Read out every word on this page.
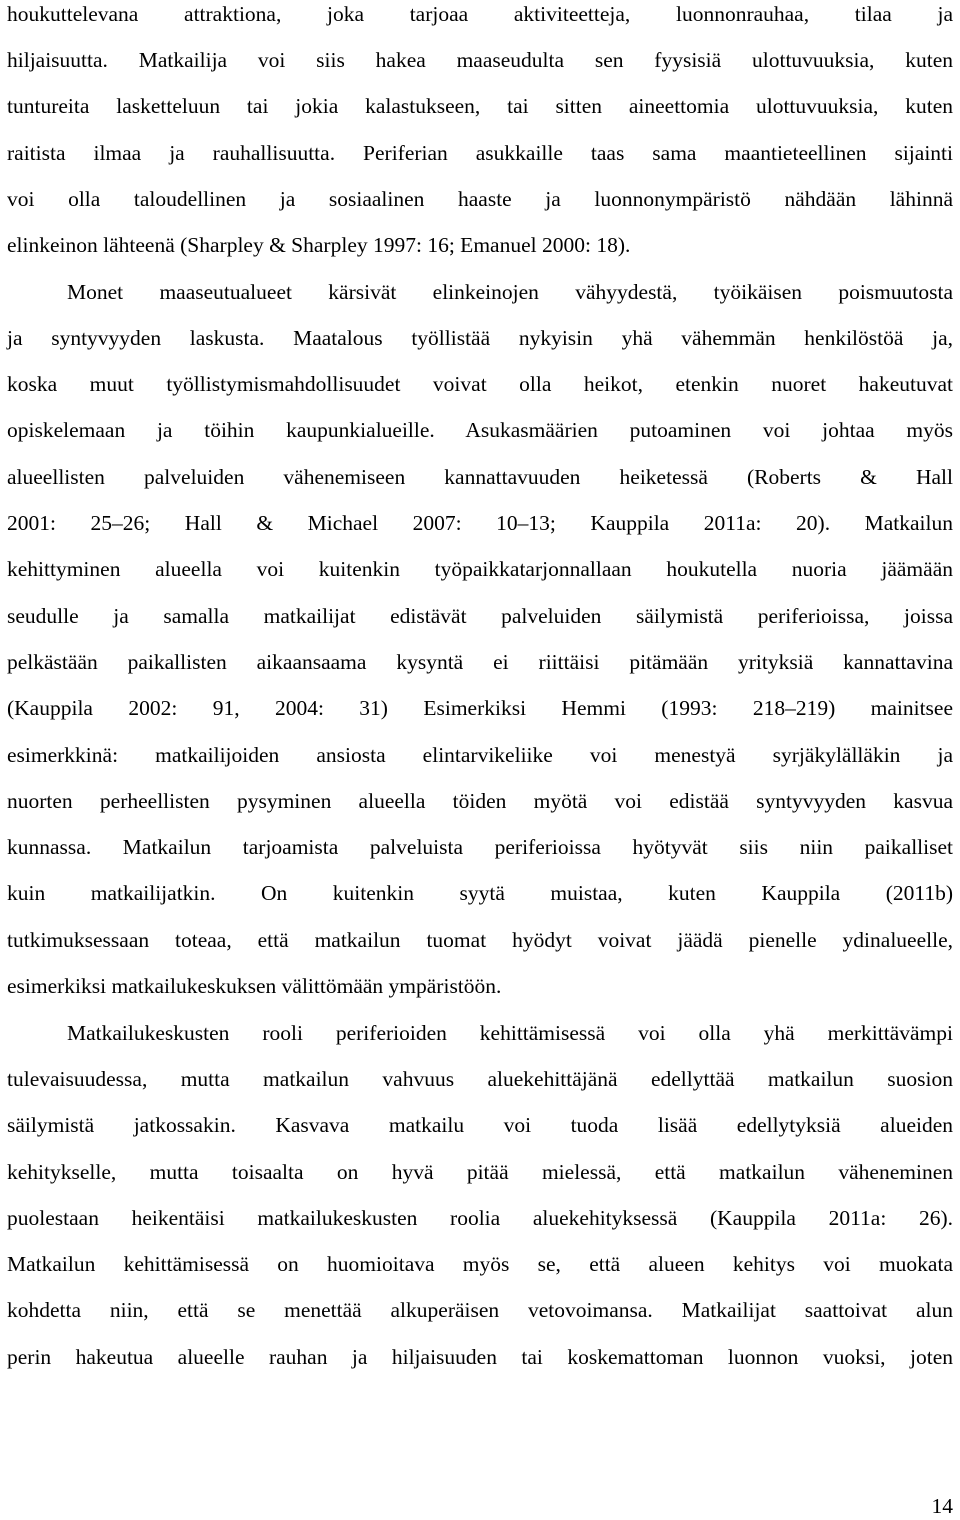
houkuttelevana attraktiona, joka tarjoaa aktiviteetteja, luonnonrauhaa, tilaa ja
hiljaisuutta. Matkailija voi siis hakea maaseudulta sen fyysisiä ulottuvuuksia, kuten
tuntureita lasketteluun tai jokia kalastukseen, tai sitten aineettomia ulottuvuuksia, kuten
raitista ilmaa ja rauhallisuutta. Periferian asukkaille taas sama maantieteellinen sijainti
voi olla taloudellinen ja sosiaalinen haaste ja luonnonympäristö nähdään lähinnä
elinkeinon lähteenä (Sharpley & Sharpley 1997: 16; Emanuel 2000: 18).
Monet maaseutualueet kärsivät elinkeinojen vähyydestä, työikäisen poismuutosta
ja syntyvyyden laskusta. Maatalous työllistää nykyisin yhä vähemmän henkilöstöä ja,
koska muut työllistymismahdollisuudet voivat olla heikot, etenkin nuoret hakeutuvat
opiskelemaan ja töihin kaupunkialueille. Asukasmäärien putoaminen voi johtaa myös
alueellisten palveluiden vähenemiseen kannattavuuden heiketessä (Roberts & Hall
2001: 25–26; Hall & Michael 2007: 10–13; Kauppila 2011a: 20). Matkailun
kehittyminen alueella voi kuitenkin työpaikkatarjonnallaan houkutella nuoria jäämään
seudulle ja samalla matkailijat edistävät palveluiden säilymistä periferioissa, joissa
pelkästään paikallisten aikaansaama kysyntä ei riittäisi pitämään yrityksiä kannattavina
(Kauppila 2002: 91, 2004: 31) Esimerkiksi Hemmi (1993: 218–219) mainitsee
esimerkkinä: matkailijoiden ansiosta elintarvikeliike voi menestyä syrjäkylälläkin ja
nuorten perheellisten pysyminen alueella töiden myötä voi edistää syntyvyyden kasvua
kunnassa. Matkailun tarjoamista palveluista periferioissa hyötyvät siis niin paikalliset
kuin matkailijatkin. On kuitenkin syytä muistaa, kuten Kauppila (2011b)
tutkimuksessaan toteaa, että matkailun tuomat hyödyt voivat jäädä pienelle ydinalueelle,
esimerkiksi matkailukeskuksen välittömään ympäristöön.
Matkailukeskusten rooli periferioiden kehittämisessä voi olla yhä merkittävämpi
tulevaisuudessa, mutta matkailun vahvuus aluekehittäjänä edellyttää matkailun suosion
säilymistä jatkossakin. Kasvava matkailu voi tuoda lisää edellytyksiä alueiden
kehitykselle, mutta toisaalta on hyvä pitää mielessä, että matkailun väheneminen
puolestaan heikentäisi matkailukeskusten roolia aluekehityksessä (Kauppila 2011a: 26).
Matkailun kehittämisessä on huomioitava myös se, että alueen kehitys voi muokata
kohdetta niin, että se menettää alkuperäisen vetovoimansa. Matkailijat saattoivat alun
perin hakeutua alueelle rauhan ja hiljaisuuden tai koskemattoman luonnon vuoksi, joten
14
